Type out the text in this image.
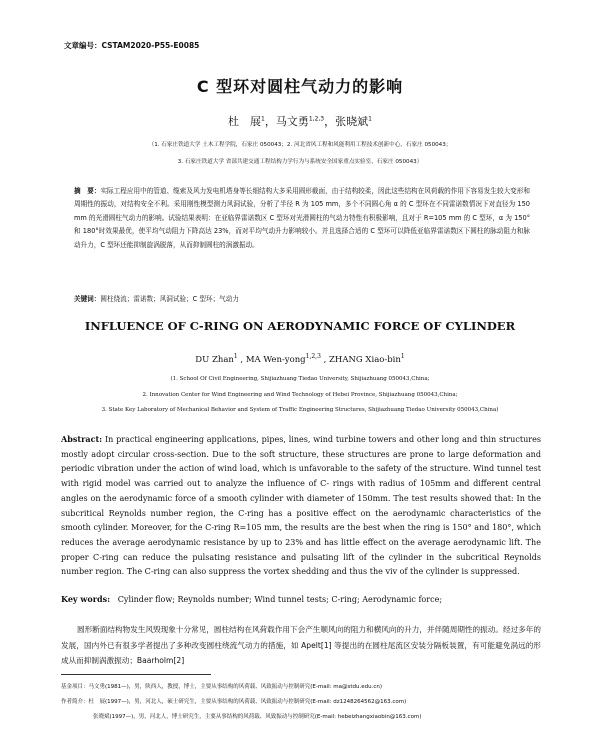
文章编号：CSTAM2020-P55-E0085
C 型环对圆柱气动力的影响
杜　展$^1$，马文勇$^{1,2,3}$，张晓斌$^1$
（1. 石家庄铁道大学 土木工程学院，石家庄 050043；2. 河北省风工程和风能利用工程技术创新中心，石家庄 050043；
3. 石家庄铁道大学 省部共建交通工程结构力学行为与系统安全国家重点实验室，石家庄 050043）
摘　要：实际工程应用中的管道、缆索及风力发电机塔身等长细结构大多采用圆形截面，由于结构较柔，因此这些结构在风荷载的作用下容易发生较大变形和周期性的振动，对结构安全不利。采用刚性模型测力风洞试验，分析了半径 R 为 105 mm，多个不同圆心角 α 的 C 型环在不同雷诺数情况下对直径为 150 mm 的光滑圆柱气动力的影响。试验结果表明：在亚临界雷诺数区 C 型环对光滑圆柱的气动力特性有积极影响，且对于 R=105 mm 的 C 型环，α 为 150°和 180°时效果最优，使平均气动阻力下降高达 23%，而对平均气动升力影响较小。并且选择合适的 C 型环可以降低亚临界雷诺数区下圆柱的脉动阻力和脉动升力，C 型环还能抑制旋涡脱落，从而抑制圆柱的涡激振动。
关键词：圆柱绕流；雷诺数；风洞试验；C 型环；气动力
INFLUENCE OF C-RING ON AERODYNAMIC FORCE OF CYLINDER
DU Zhan$^1$ , MA Wen-yong$^{1,2,3}$ , ZHANG Xiao-bin$^1$
(1. School Of Civil Engineering, Shijiazhuang Tiedao University, Shijiazhuang 050043,China;
2. Innovation Center for Wind Engineering and Wind Technology of Hebei Province, Shijiazhuang 050043,China;
3. State Key Laboratory of Mechanical Behavior and System of Traffic Engineering Structures, Shijiazhuang Tiedao University 050043,China)
Abstract: In practical engineering applications, pipes, lines, wind turbine towers and other long and thin structures mostly adopt circular cross-section. Due to the soft structure, these structures are prone to large deformation and periodic vibration under the action of wind load, which is unfavorable to the safety of the structure. Wind tunnel test with rigid model was carried out to analyze the influence of C- rings with radius of 105mm and different central angles on the aerodynamic force of a smooth cylinder with diameter of 150mm. The test results showed that: In the subcritical Reynolds number region, the C-ring has a positive effect on the aerodynamic characteristics of the smooth cylinder. Moreover, for the C-ring R=105 mm, the results are the best when the ring is 150° and 180°, which reduces the average aerodynamic resistance by up to 23% and has little effect on the average aerodynamic lift. The proper C-ring can reduce the pulsating resistance and pulsating lift of the cylinder in the subcritical Reynolds number region. The C-ring can also suppress the vortex shedding and thus the viv of the cylinder is suppressed.
Key words: Cylinder flow; Reynolds number; Wind tunnel tests; C-ring; Aerodynamic force;
圆形断面结构物发生风毁现象十分常见，圆柱结构在风荷载作用下会产生顺风向的阻力和横风向的升力，并伴随周期性的振动。经过多年的发展，国内外已有很多学者提出了多种改变圆柱绕流气动力的措施，如 Apelt[1] 等提出的在圆柱尾流区安装分隔板装置，有可能避免涡远的形成从而抑制涡激振动；Baarholm[2]
基金项目：马文勇(1981—)，男，陕西人，教授，博士，主要从事结构的风荷载、风致振动与控制研究(E-mail: ma@stdu.edu.cn)
作者简介：杜　展(1997—)，男，河北人，硕士研究生，主要从事结构的风荷载、风致振动与控制研究(E-mail: dz1248264562@163.com)
张晓斌(1997—)，男，河北人，博士研究生，主要从事结构的风荷载、风致振动与控制研究(E-mail: hebeizhangxiaobin@163.com)
